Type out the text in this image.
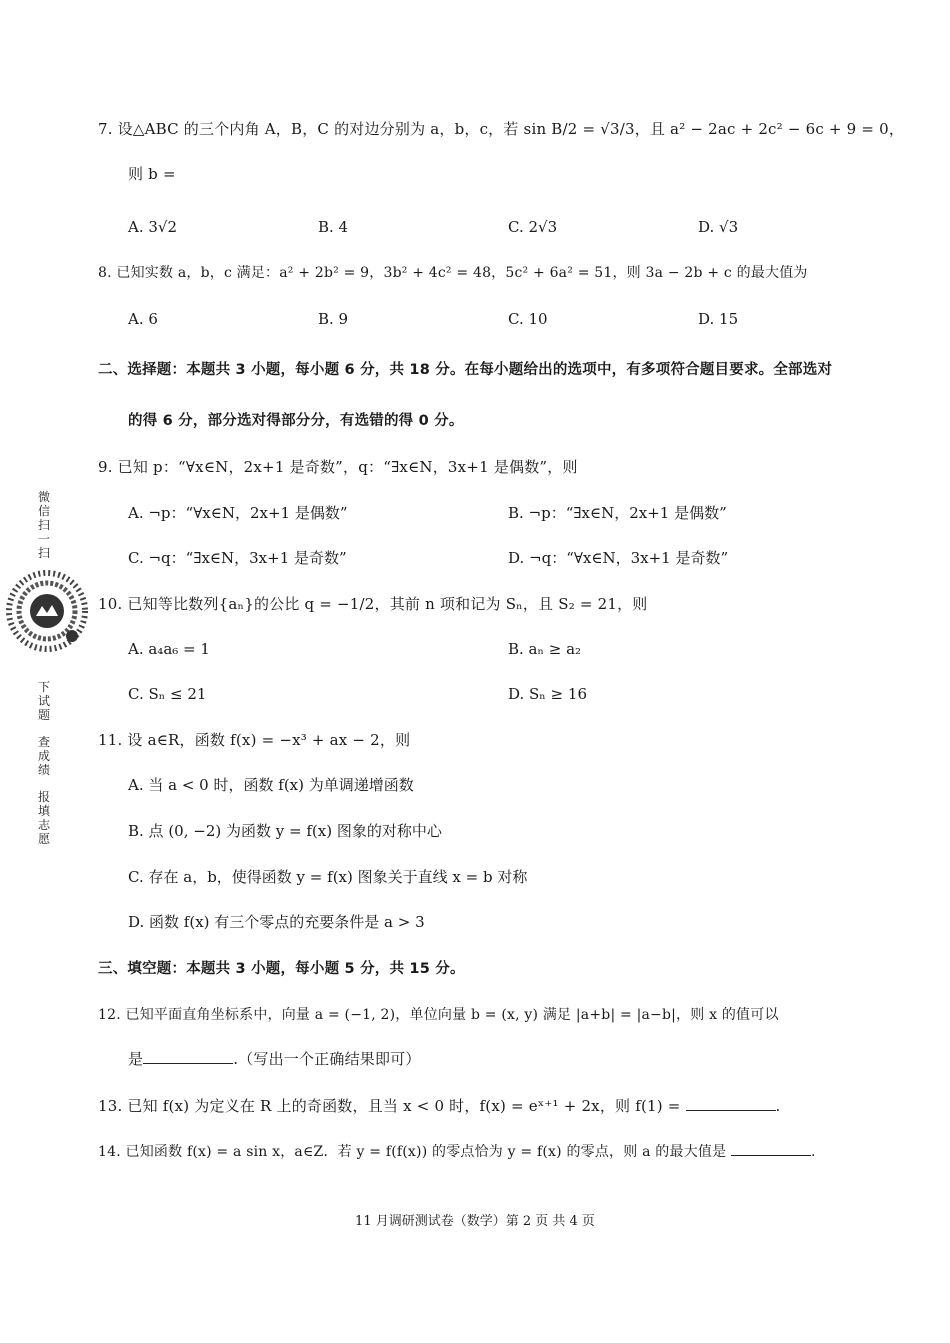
微信扫一扫
下试题
查成绩
报填志愿
7. 设△ABC 的三个内角 A，B，C 的对边分别为 a，b，c，若 sin B/2 = √3/3，且 a² − 2ac + 2c² − 6c + 9 = 0，
则 b =
A. 3√2	B. 4	C. 2√3	D. √3
8. 已知实数 a，b，c 满足：a² + 2b² = 9，3b² + 4c² = 48，5c² + 6a² = 51，则 3a − 2b + c 的最大值为
A. 6	B. 9	C. 10	D. 15
二、选择题：本题共 3 小题，每小题 6 分，共 18 分。在每小题给出的选项中，有多项符合题目要求。全部选对
的得 6 分，部分选对得部分分，有选错的得 0 分。
9. 已知 p：“∀x∈N，2x+1 是奇数”，q：“∃x∈N，3x+1 是偶数”，则
A. ¬p：“∀x∈N，2x+1 是偶数”	B. ¬p：“∃x∈N，2x+1 是偶数”
C. ¬q：“∃x∈N，3x+1 是奇数”	D. ¬q：“∀x∈N，3x+1 是奇数”
10. 已知等比数列{aₙ}的公比 q = −1/2，其前 n 项和记为 Sₙ，且 S₂ = 21，则
A. a₄a₆ = 1	B. aₙ ≥ a₂
C. Sₙ ≤ 21	D. Sₙ ≥ 16
11. 设 a∈R，函数 f(x) = −x³ + ax − 2，则
A. 当 a < 0 时，函数 f(x) 为单调递增函数
B. 点 (0, −2) 为函数 y = f(x) 图象的对称中心
C. 存在 a，b，使得函数 y = f(x) 图象关于直线 x = b 对称
D. 函数 f(x) 有三个零点的充要条件是 a > 3
三、填空题：本题共 3 小题，每小题 5 分，共 15 分。
12. 已知平面直角坐标系中，向量 a = (−1, 2)，单位向量 b = (x, y) 满足 |a+b| = |a−b|，则 x 的值可以
是	.（写出一个正确结果即可）
13. 已知 f(x) 为定义在 R 上的奇函数，且当 x < 0 时，f(x) = eˣ⁺¹ + 2x，则 f(1) =	.
14. 已知函数 f(x) = a sin x，a∈Z．若 y = f(f(x)) 的零点恰为 y = f(x) 的零点，则 a 的最大值是	.
11 月调研测试卷（数学）第 2 页 共 4 页
